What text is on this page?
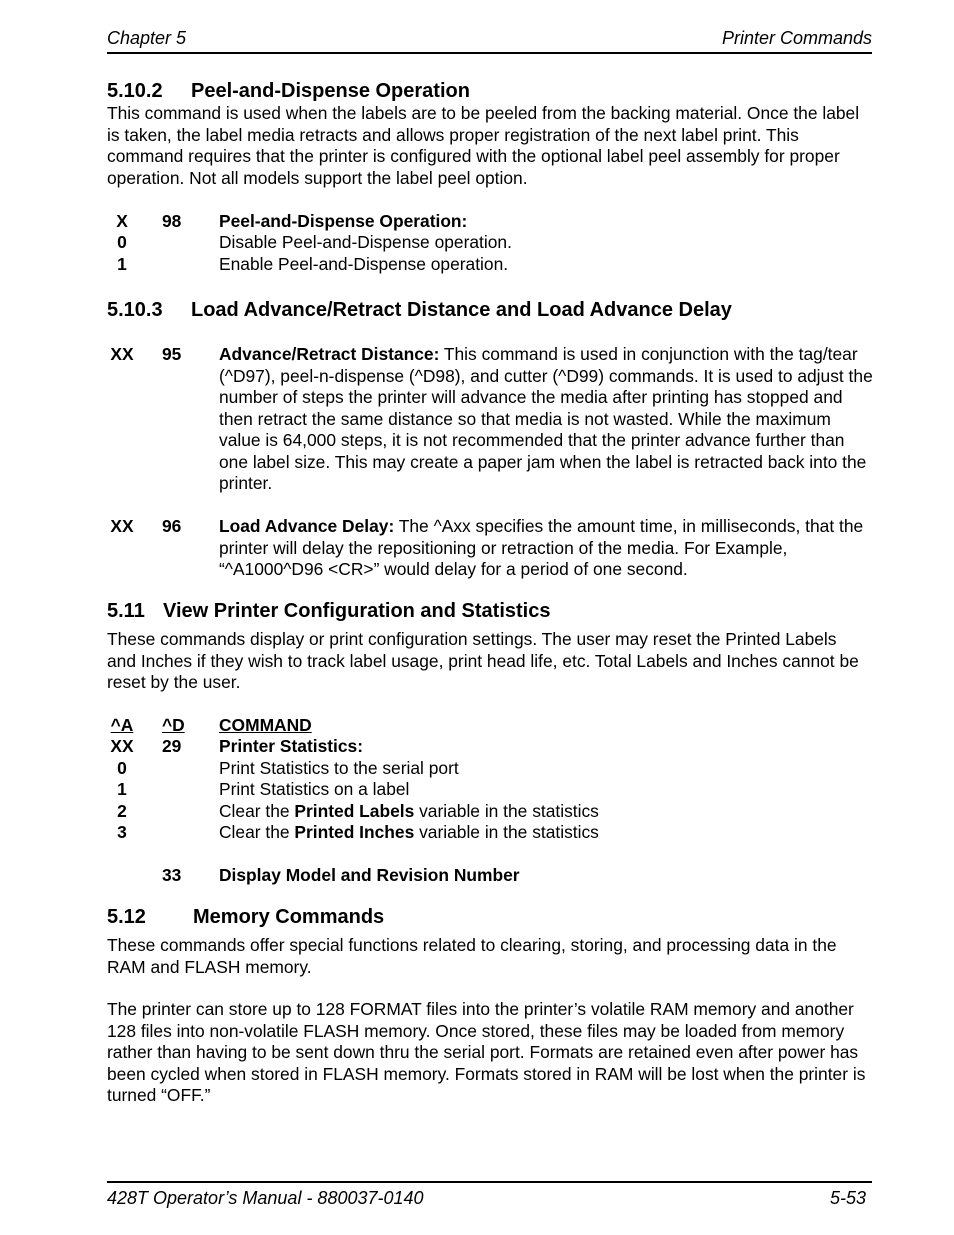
Chapter 5	Printer Commands
5.10.2 Peel-and-Dispense Operation
This command is used when the labels are to be peeled from the backing material. Once the label is taken, the label media retracts and allows proper registration of the next label print. This command requires that the printer is configured with the optional label peel assembly for proper operation. Not all models support the label peel option.
X	98 Peel-and-Dispense Operation:
0	Disable Peel-and-Dispense operation.
1	Enable Peel-and-Dispense operation.
5.10.3 Load Advance/Retract Distance and Load Advance Delay
XX 95 Advance/Retract Distance: This command is used in conjunction with the tag/tear (^D97), peel-n-dispense (^D98), and cutter (^D99) commands. It is used to adjust the number of steps the printer will advance the media after printing has stopped and then retract the same distance so that media is not wasted. While the maximum value is 64,000 steps, it is not recommended that the printer advance further than one label size. This may create a paper jam when the label is retracted back into the printer.
XX 96 Load Advance Delay: The ^Axx specifies the amount time, in milliseconds, that the printer will delay the repositioning or retraction of the media. For Example, “^A1000^D96 <CR>” would delay for a period of one second.
5.11 View Printer Configuration and Statistics
These commands display or print configuration settings. The user may reset the Printed Labels and Inches if they wish to track label usage, print head life, etc. Total Labels and Inches cannot be reset by the user.
^A ^D COMMAND
XX 29 Printer Statistics:
0	Print Statistics to the serial port
1	Print Statistics on a label
2	Clear the Printed Labels variable in the statistics
3	Clear the Printed Inches variable in the statistics
33 Display Model and Revision Number
5.12 Memory Commands
These commands offer special functions related to clearing, storing, and processing data in the RAM and FLASH memory.
The printer can store up to 128 FORMAT files into the printer’s volatile RAM memory and another 128 files into non-volatile FLASH memory. Once stored, these files may be loaded from memory rather than having to be sent down thru the serial port. Formats are retained even after power has been cycled when stored in FLASH memory. Formats stored in RAM will be lost when the printer is turned “OFF.”
428T Operator’s Manual - 880037-0140	5-53
